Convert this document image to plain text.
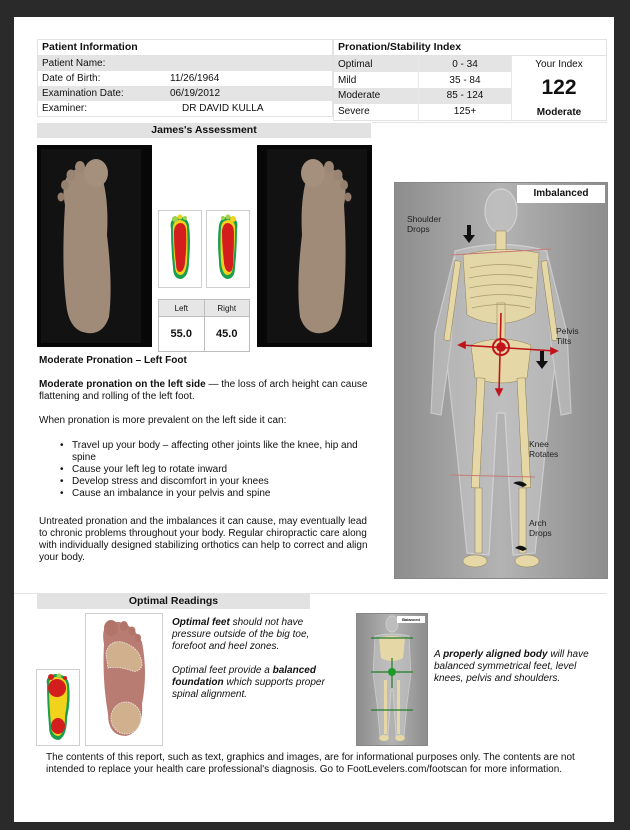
Patient Information	
Patient Name:	
Date of Birth:	11/26/1964
Examination Date:	06/19/2012
Examiner:	DR DAVID KULLA
Pronation/Stability Index		
Optimal	0 - 34	Your Index
122
Moderate

Mild	35 - 84	
Moderate	85 - 124	
Severe	125+	
James's Assessment
Left	Right
55.0	45.0
Moderate Pronation – Left Foot

Moderate pronation on the left side — the loss of arch height can cause flattening and rolling of the left foot.

When pronation is more prevalent on the left side it can:
• Travel up your body – affecting other joints like the knee, hip and spine
• Cause your left leg to rotate inward
• Develop stress and discomfort in your knees
• Cause an imbalance in your pelvis and spine
Untreated pronation and the imbalances it can cause, may eventually lead to chronic problems throughout your body. Regular chiropractic care along with individually designed stabilizing orthotics can help to correct and align your body.
Imbalanced
Shoulder
Drops
Pelvis
Tilts
Knee
Rotates
Arch
Drops
Optimal Readings

Optimal feet should not have pressure outside of the big toe, forefoot and heel zones.

Optimal feet provide a balanced foundation which supports proper spinal alignment.

Balanced

A properly aligned body will have balanced symmetrical feet, level knees, pelvis and shoulders.

The contents of this report, such as text, graphics and images, are for informational purposes only. The contents are not intended to replace your health care professional's diagnosis. Go to FootLevelers.com/footscan for more information.
